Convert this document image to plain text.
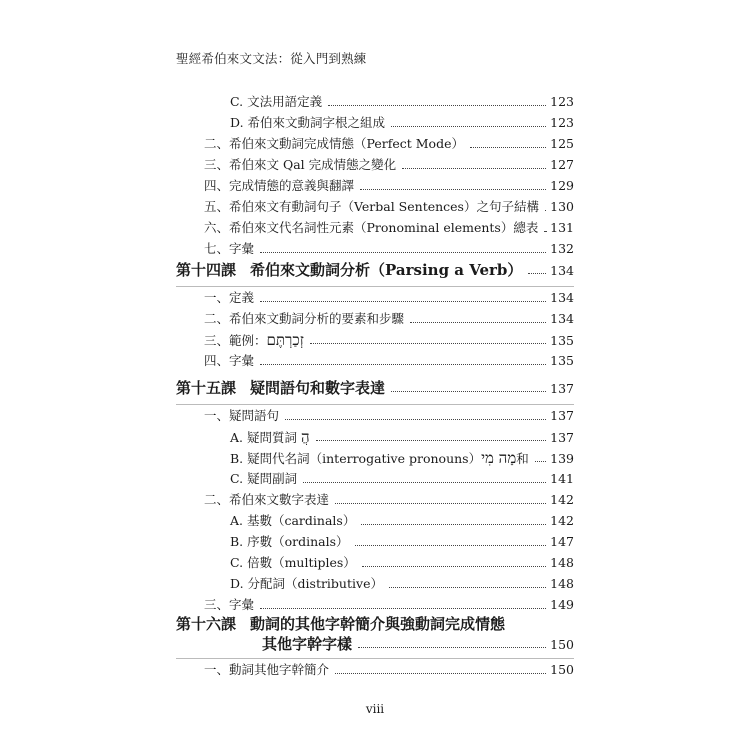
聖經希伯來文文法：從入門到熟練
C. 文法用語定義	123
D. 希伯來文動詞字根之組成	123
二、希伯來文動詞完成情態（Perfect Mode）	125
三、希伯來文 Qal 完成情態之變化	127
四、完成情態的意義與翻譯	129
五、希伯來文有動詞句子（Verbal Sentences）之句子結構 130
六、希伯來文代名詞性元素（Pronominal elements）總表 131
七、字彙	132
第十四課 希伯來文動詞分析（Parsing a Verb） 134
一、定義	134
二、希伯來文動詞分析的要素和步驟	134
三、範例：זְכַרְתֶּם	135
四、字彙	135
第十五課 疑問語句和數字表達	137
一、疑問語句	137
A. 疑問質詞 הֲ	137
B. 疑問代名詞（interrogative pronouns）מָה מִי和 139
C. 疑問副詞	141
二、希伯來文數字表達	142
A. 基數（cardinals）	142
B. 序數（ordinals）	147
C. 倍數（multiples）	148
D. 分配詞（distributive）	148
三、字彙	149
第十六課 動詞的其他字幹簡介與強動詞完成情態
其他字幹字樣	150
一、動詞其他字幹簡介	150
viii
